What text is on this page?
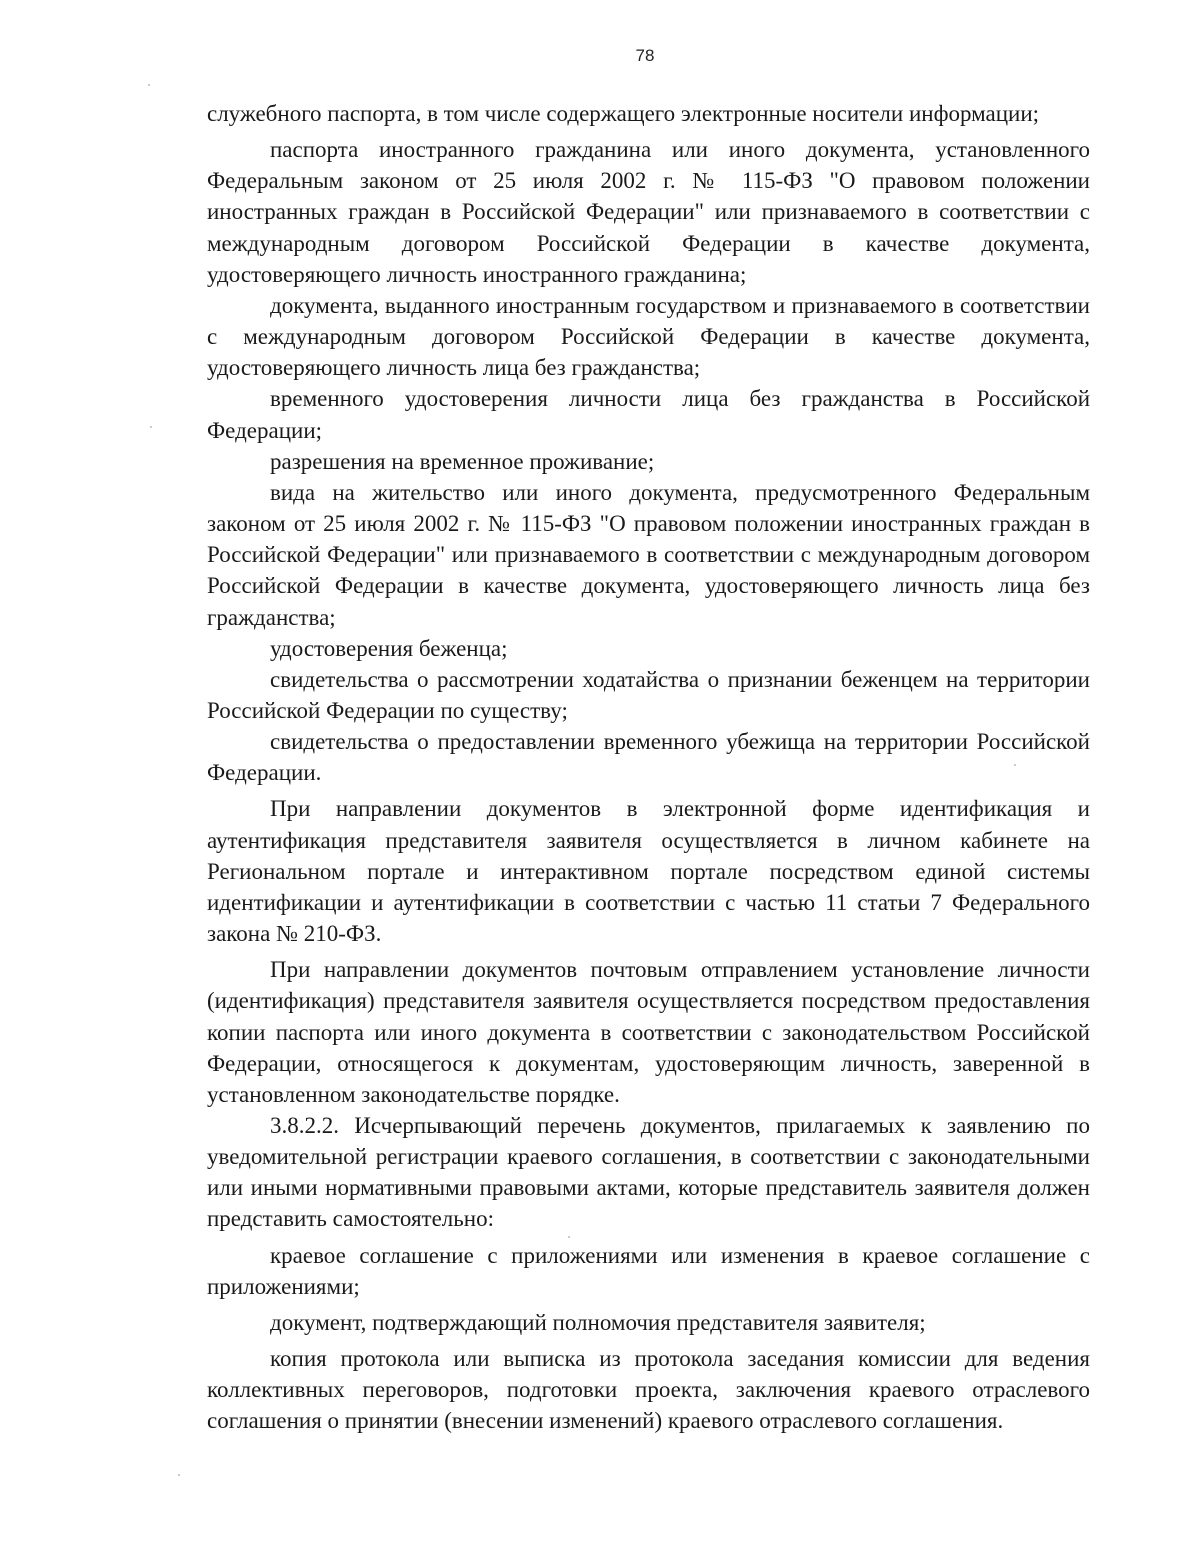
78

служебного паспорта, в том числе содержащего электронные носители информации;

паспорта иностранного гражданина или иного документа, установленного Федеральным законом от 25 июля 2002 г. № 115-ФЗ "О правовом положении иностранных граждан в Российской Федерации" или признаваемого в соответствии с международным договором Российской Федерации в качестве документа, удостоверяющего личность иностранного гражданина;

документа, выданного иностранным государством и признаваемого в соответствии с международным договором Российской Федерации в качестве документа, удостоверяющего личность лица без гражданства;

временного удостоверения личности лица без гражданства в Российской Федерации;

разрешения на временное проживание;

вида на жительство или иного документа, предусмотренного Федеральным законом от 25 июля 2002 г. № 115-ФЗ "О правовом положении иностранных граждан в Российской Федерации" или признаваемого в соответствии с международным договором Российской Федерации в качестве документа, удостоверяющего личность лица без гражданства;

удостоверения беженца;

свидетельства о рассмотрении ходатайства о признании беженцем на территории Российской Федерации по существу;

свидетельства о предоставлении временного убежища на территории Российской Федерации.

При направлении документов в электронной форме идентификация и аутентификация представителя заявителя осуществляется в личном кабинете на Региональном портале и интерактивном портале посредством единой системы идентификации и аутентификации в соответствии с частью 11 статьи 7 Федерального закона № 210-ФЗ.

При направлении документов почтовым отправлением установление личности (идентификация) представителя заявителя осуществляется посредством предоставления копии паспорта или иного документа в соответствии с законодательством Российской Федерации, относящегося к документам, удостоверяющим личность, заверенной в установленном законодательстве порядке.

3.8.2.2. Исчерпывающий перечень документов, прилагаемых к заявлению по уведомительной регистрации краевого соглашения, в соответствии с законодательными или иными нормативными правовыми актами, которые представитель заявителя должен представить самостоятельно:

краевое соглашение с приложениями или изменения в краевое соглашение с приложениями;

документ, подтверждающий полномочия представителя заявителя;

копия протокола или выписка из протокола заседания комиссии для ведения коллективных переговоров, подготовки проекта, заключения краевого отраслевого соглашения о принятии (внесении изменений) краевого отраслевого соглашения.
